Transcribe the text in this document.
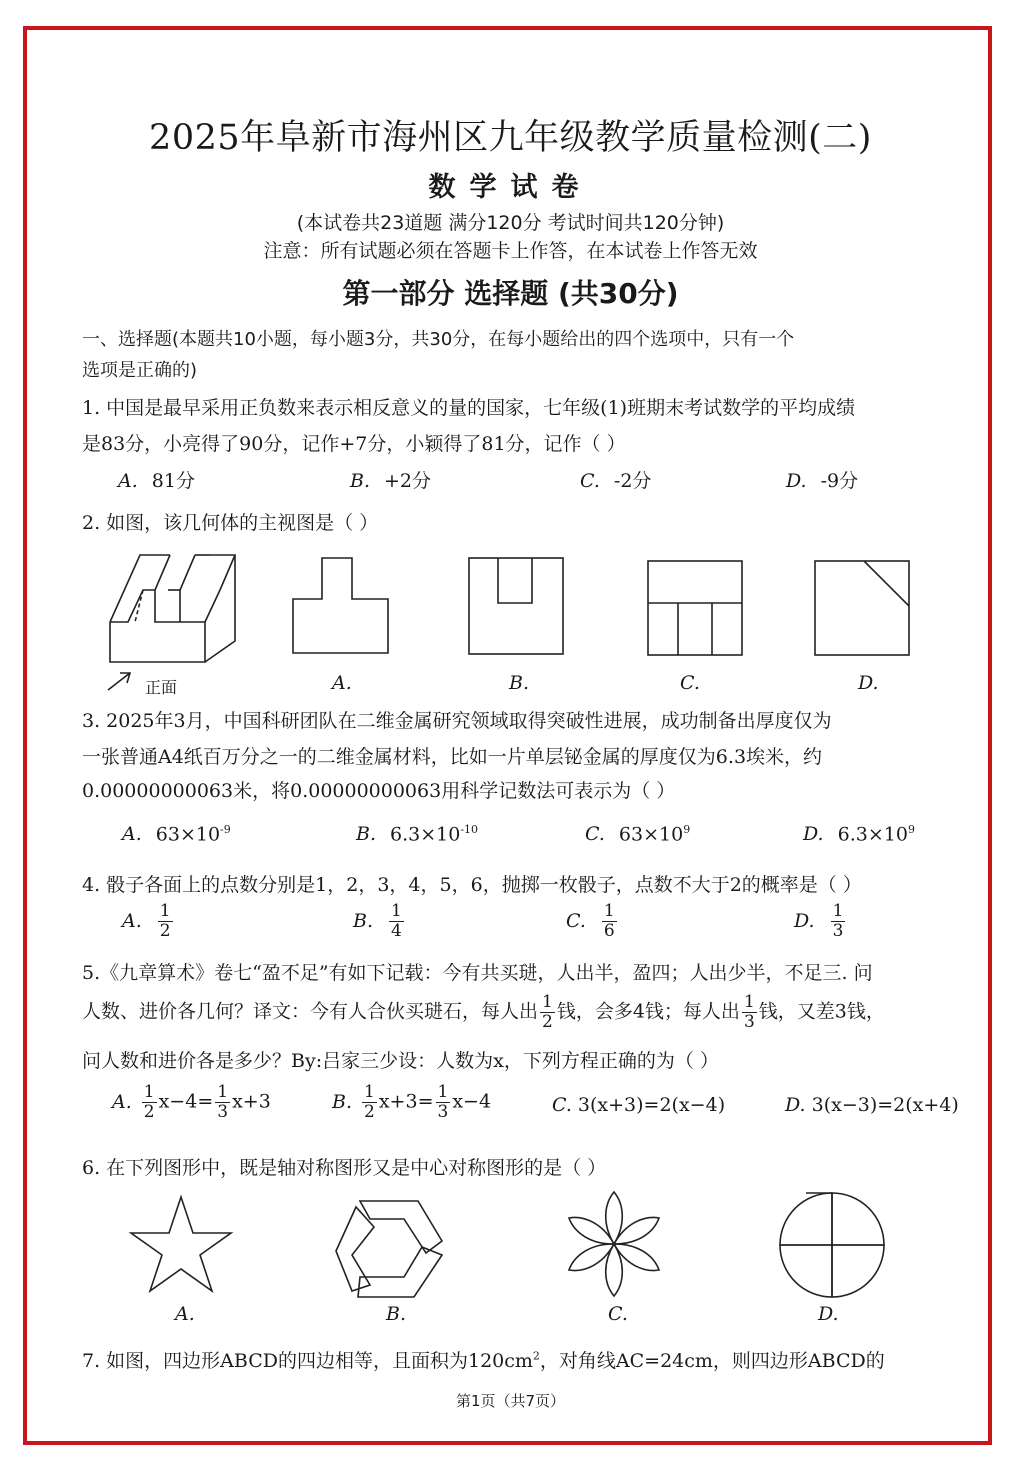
2025年阜新市海州区九年级教学质量检测(二)
数学试卷
(本试卷共23道题 满分120分 考试时间共120分钟)
注意：所有试题必须在答题卡上作答，在本试卷上作答无效
第一部分 选择题 (共30分)
一、选择题(本题共10小题，每小题3分，共30分，在每小题给出的四个选项中，只有一个
选项是正确的)
1. 中国是最早采用正负数来表示相反意义的量的国家，七年级(1)班期末考试数学的平均成绩
是83分，小亮得了90分，记作+7分，小颖得了81分，记作（ ）
A. 81分	B. +2分	C. -2分	D. -9分
2. 如图，该几何体的主视图是（ ）
正面	A.	B.	C.	D.
3. 2025年3月，中国科研团队在二维金属研究领域取得突破性进展，成功制备出厚度仅为
一张普通A4纸百万分之一的二维金属材料，比如一片单层铋金属的厚度仅为6.3埃米，约
0.00000000063米，将0.00000000063用科学记数法可表示为（ ）
A. $63\times 10^{-9}$	B. $6.3\times 10^{-10}$	C. $63\times 10^9$	D. $6.3\times 10^9$
4. 骰子各面上的点数分别是1，2，3，4，5，6，抛掷一枚骰子，点数不大于2的概率是（ ）
A. $\frac{1}{2}$	B. $\frac{1}{4}$	C. $\frac{1}{6}$	D. $\frac{1}{3}$
5.《九章算术》卷七“盈不足”有如下记载：今有共买琎，人出半，盈四；人出少半，不足三. 问
人数、进价各几何？译文：今有人合伙买琎石，每人出 $\frac{1}{2}$ 钱，会多4钱；每人出 $\frac{1}{3}$ 钱，又差3钱，
问人数和进价各是多少？By:吕家三少设：人数为x，下列方程正确的为（ ）
A. $\frac{1}{2} x-4= \frac{1}{3} x+3$	B. $\frac{1}{2} x+3= \frac{1}{3} x-4$	C. 3(x+3)=2(x−4)	D. 3(x−3)=2(x+4)
6. 在下列图形中，既是轴对称图形又是中心对称图形的是（ ）
A.	B.	C.	D.
7. 如图，四边形ABCD的四边相等，且面积为$120cm^2$，对角线AC=24cm，则四边形ABCD的
第1页（共7页）
